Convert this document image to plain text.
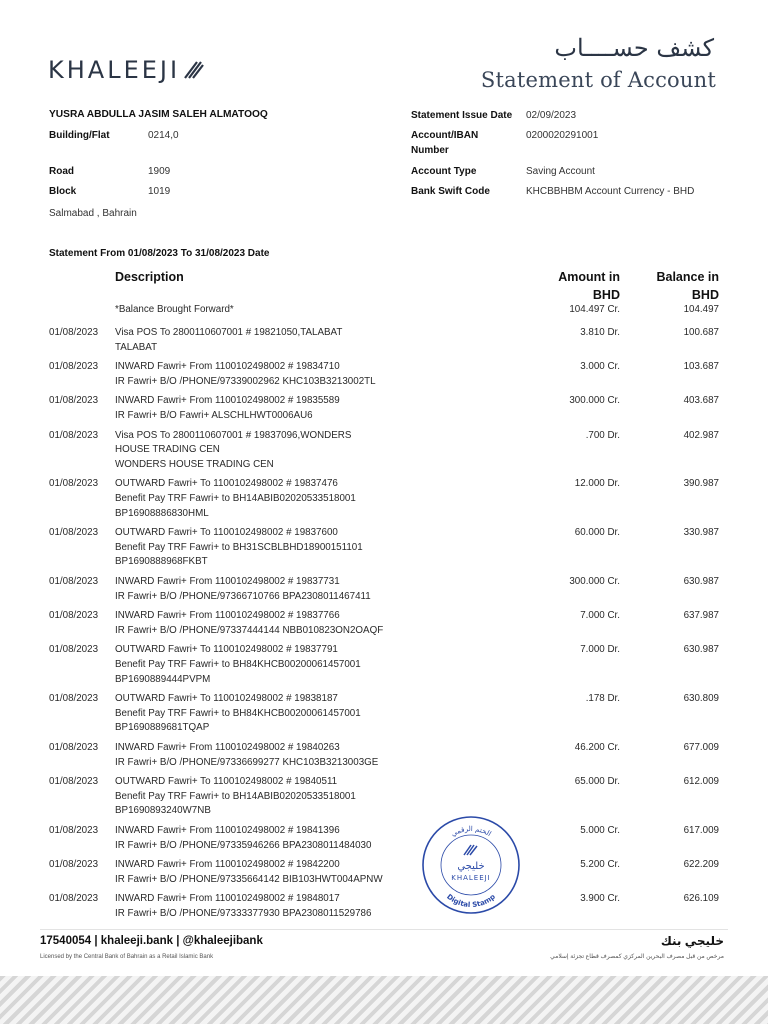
KHALEEJI
كشف حســــاب
Statement of Account
YUSRA ABDULLA JASIM SALEH ALMATOOQ
Building/Flat	0214,0
Road	1909
Block	1019
Salmabad , Bahrain
Statement Issue Date 02/09/2023
Account/IBAN Number
0200020291001
Account Type	Saving Account
Bank Swift Code	KHCBBHBM Account Currency - BHD
Statement From 01/08/2023 To 31/08/2023 Date
Description	Amount in BHD
Balance in BHD
*Balance Brought Forward*	104.497 Cr.	104.497
01/08/2023 Visa POS To 2800110607001 # 19821050,TALABAT
TALABAT
3.810 Dr.	100.687
01/08/2023 INWARD Fawri+ From 1100102498002 # 19834710
IR Fawri+ B/O /PHONE/97339002962 KHC103B3213002TL
3.000 Cr.	103.687
01/08/2023 INWARD Fawri+ From 1100102498002 # 19835589
IR Fawri+ B/O Fawri+ ALSCHLHWT0006AU6
300.000 Cr.	403.687
01/08/2023 Visa POS To 2800110607001 # 19837096,WONDERS
HOUSE TRADING CEN
WONDERS HOUSE TRADING CEN
.700 Dr.	402.987
01/08/2023 OUTWARD Fawri+ To 1100102498002 # 19837476
Benefit Pay TRF Fawri+ to BH14ABIB02020533518001
BP16908886830HML
12.000 Dr.	390.987
01/08/2023 OUTWARD Fawri+ To 1100102498002 # 19837600
Benefit Pay TRF Fawri+ to BH31SCBLBHD18900151101
BP1690888968FKBT
60.000 Dr.	330.987
01/08/2023 INWARD Fawri+ From 1100102498002 # 19837731
IR Fawri+ B/O /PHONE/97366710766 BPA2308011467411
300.000 Cr.	630.987
01/08/2023 INWARD Fawri+ From 1100102498002 # 19837766
IR Fawri+ B/O /PHONE/97337444144 NBB010823ON2OAQF
7.000 Cr.	637.987
01/08/2023 OUTWARD Fawri+ To 1100102498002 # 19837791
Benefit Pay TRF Fawri+ to BH84KHCB00200061457001
BP1690889444PVPM
7.000 Dr.	630.987
01/08/2023 OUTWARD Fawri+ To 1100102498002 # 19838187
Benefit Pay TRF Fawri+ to BH84KHCB00200061457001
BP1690889681TQAP
.178 Dr.	630.809
01/08/2023 INWARD Fawri+ From 1100102498002 # 19840263
IR Fawri+ B/O /PHONE/97336699277 KHC103B3213003GE
46.200 Cr.	677.009
01/08/2023 OUTWARD Fawri+ To 1100102498002 # 19840511
Benefit Pay TRF Fawri+ to BH14ABIB02020533518001
BP1690893240W7NB
65.000 Dr.	612.009
01/08/2023 INWARD Fawri+ From 1100102498002 # 19841396
IR Fawri+ B/O /PHONE/97335946266 BPA2308011484030
5.000 Cr.	617.009
01/08/2023 INWARD Fawri+ From 1100102498002 # 19842200
IR Fawri+ B/O /PHONE/97335664142 BIB103HWT004APNW
5.200 Cr.	622.209
01/08/2023 INWARD Fawri+ From 1100102498002 # 19848017
IR Fawri+ B/O /PHONE/97333377930 BPA2308011529786
3.900 Cr.	626.109
الختم الرقمي
Digital Stamp
خليجي
KHALEEJI
17540054 | khaleeji.bank | @khaleejibank
Licensed by the Central Bank of Bahrain as a Retail Islamic Bank
خليجي بنك
مرخص من قبل مصرف البحرين المركزي كمصرف قطاع تجزئة إسلامي
